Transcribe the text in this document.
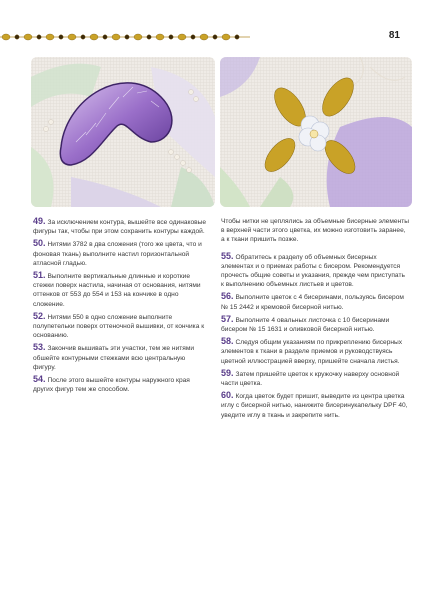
81
49. За исключением контура, вышейте все одинаковые фигуры так, чтобы при этом сохранить контуры каждой.
50. Нитями 3782 в два сложения (того же цвета, что и фоновая ткань) выполните настил горизонтальной атласной гладью.
51. Выполните вертикальные длинные и короткие стежки поверх настила, начиная от основания, нитями оттенков от 553 до 554 и 153 на кончике в одно сложение.
52. Нитями 550 в одно сложение выполните полупетельки поверх оттеночной вышивки, от кончика к основанию.
53. Закончив вышивать эти участки, тем же нитями обшейте контурными стежками всю центральную фигуру.
54. После этого вышейте контуры наружного края других фигур тем же способом.
Чтобы нитки не цеплялись за объемные бисерные элементы в верхней части этого цветка, их можно изготовить заранее, а к ткани пришить позже.
55. Обратитесь к разделу об объемных бисерных элементах и о приемах работы с бисером. Рекомендуется прочесть общие советы и указания, прежде чем приступать к выполнению объемных листьев и цветов.
56. Выполните цветок с 4 бисеринами, пользуясь бисером № 15 2442 и кремовой бисерной нитью.
57. Выполните 4 овальных листочка с 10 бисеринами бисером № 15 1631 и оливковой бисерной нитью.
58. Следуя общим указаниям по прикреплению бисерных элементов к ткани в разделе приемов и руководствуясь цветной иллюстрацией вверху, пришейте сначала листья.
59. Затем пришейте цветок к кружочку наверху основной части цветка.
60. Когда цветок будет пришит, выведите из центра цветка иглу с бисерной нитью, нанижите бисеринукапельку DPF 40, уведите иглу в ткань и закрепите нить.
